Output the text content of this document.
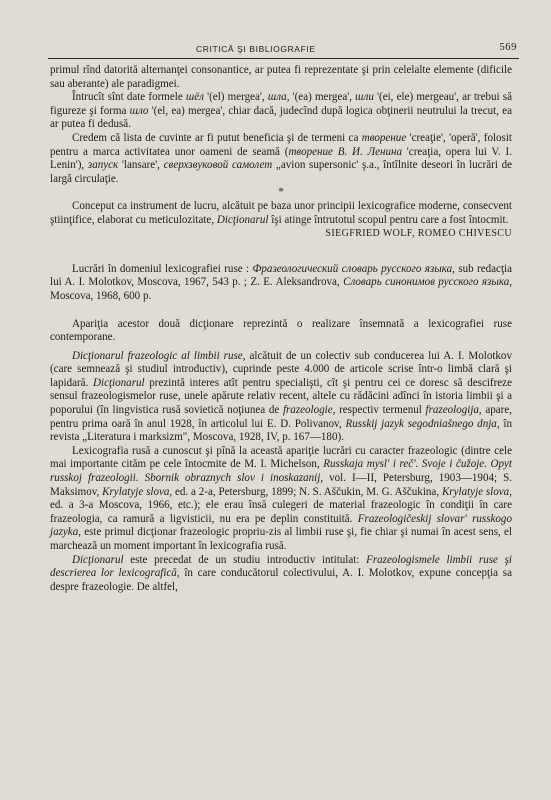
CRITICĂ ŞI BIBLIOGRAFIE	569

primul rînd datorită alternanţei consonantice, ar putea fi reprezentate şi prin celelalte elemente (dificile sau aberante) ale paradigmei.

Întrucît sînt date formele шёл '(el) mergea', шла, '(ea) mergea', шли '(ei, ele) mergeau', ar trebui să figureze şi forma шло '(el, ea) mergea', chiar dacă, judecînd după logica obţinerii neutrului la trecut, ea ar putea fi dedusă.

Credem că lista de cuvinte ar fi putut beneficia şi de termeni ca творение 'creaţie', 'operă', folosit pentru a marca activitatea unor oameni de seamă (творение В. И. Ленина 'creaţia, opera lui V. I. Lenin'), запуск 'lansare', сверхзвуковой самолет „avion supersonic' ş.a., întîlnite deseori în lucrări de largă circulaţie.

*

Conceput ca instrument de lucru, alcătuit pe baza unor principii lexicografice moderne, consecvent ştiinţifice, elaborat cu meticulozitate, Dicţionarul îşi atinge întrutotul scopul pentru care a fost întocmit.

SIEGFRIED WOLF, ROMEO CHIVESCU

Lucrări în domeniul lexicografiei ruse : Фразеологический словарь русского языка, sub redacţia lui A. I. Molotkov, Moscova, 1967, 543 p. ; Z. E. Aleksandrova, Словарь синонимов русского языка, Moscova, 1968, 600 p.

Apariţia acestor două dicţionare reprezintă o realizare însemnată a lexicografiei ruse contemporane.

Dicţionarul frazeologic al limbii ruse, alcătuit de un colectiv sub conducerea lui A. I. Molotkov (care semnează şi studiul introductiv), cuprinde peste 4.000 de articole scrise într-o limbă clară şi lapidară. Dicţionarul prezintă interes atît pentru specialişti, cît şi pentru cei ce doresc să descifreze sensul frazeologismelor ruse, unele apărute relativ recent, altele cu rădăcini adînci în istoria limbii şi a poporului (în lingvistica rusă sovietică noţiunea de frazeologie, respectiv termenul frazeologija, apare, pentru prima oară în anul 1928, în articolul lui E. D. Polivanov, Russkij jazyk segodniašnego dnja, în revista „Literatura i marksizm", Moscova, 1928, IV, p. 167—180).

Lexicografia rusă a cunoscut şi pînă la această apariţie lucrări cu caracter frazeologic (dintre cele mai importante cităm pe cele întocmite de M. I. Michelson, Russkaja mysl' i reč'. Svoje i čužoje. Opyt russkoj frazeologii. Sbornik obraznych slov i inoskazanij, vol. I—II, Petersburg, 1903—1904; S. Maksimov, Krylatyje slova, ed. a 2-a, Petersburg, 1899; N. S. Aščukin, M. G. Aščukina, Krylatyje slova, ed. a 3-a Moscova, 1966, etc.); ele erau însă culegeri de material frazeologic în condiţii în care frazeologia, ca ramură a ligvisticii, nu era pe deplin constituită. Frazeologičeskij slovar' russkogo jazyka, este primul dicţionar frazeologic propriu-zis al limbii ruse şi, fie chiar şi numai în acest sens, el marchează un moment important în lexicografia rusă.

Dicţionarul este precedat de un studiu introductiv intitulat: Frazeologismele limbii ruse şi descrierea lor lexicografică, în care conducătorul colectivului, A. I. Molotkov, expune concepţia sa despre frazeologie. De altfel,
